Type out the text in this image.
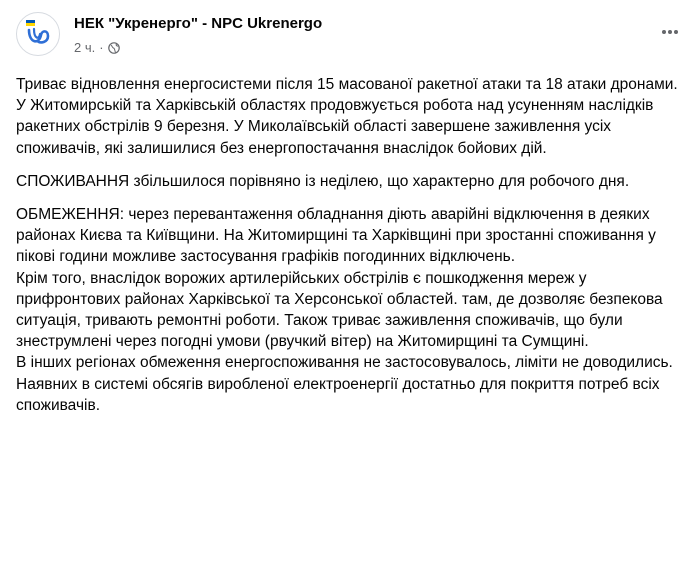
НЕК "Укренерго" - NPC Ukrenergo
2 ч. ·

Триває відновлення енергосистеми після 15 масованої ракетної атаки та 18 атаки дронами.

У Житомирській та Харківській областях продовжується робота над усуненням наслідків ракетних обстрілів 9 березня. У Миколаївській області завершене заживлення усіх споживачів, які залишилися без енергопостачання внаслідок бойових дій.

СПОЖИВАННЯ збільшилося порівняно із неділею, що характерно для робочого дня.

ОБМЕЖЕННЯ: через перевантаження обладнання діють аварійні відключення в деяких районах Києва та Київщини. На Житомирщині та Харківщині при зростанні споживання у пікові години можливе застосування графіків погодинних відключень.

Крім того, внаслідок ворожих артилерійських обстрілів є пошкодження мереж у прифронтових районах Харківської та Херсонської областей. там, де дозволяє безпекова ситуація, тривають ремонтні роботи. Також триває заживлення споживачів, що були знеструмлені через погодні умови (рвучкий вітер) на Житомирщині та Сумщині.

В інших регіонах обмеження енергоспоживання не застосовувалось, ліміти не доводились. Наявних в системі обсягів виробленої електроенергії достатньо для покриття потреб всіх споживачів.
